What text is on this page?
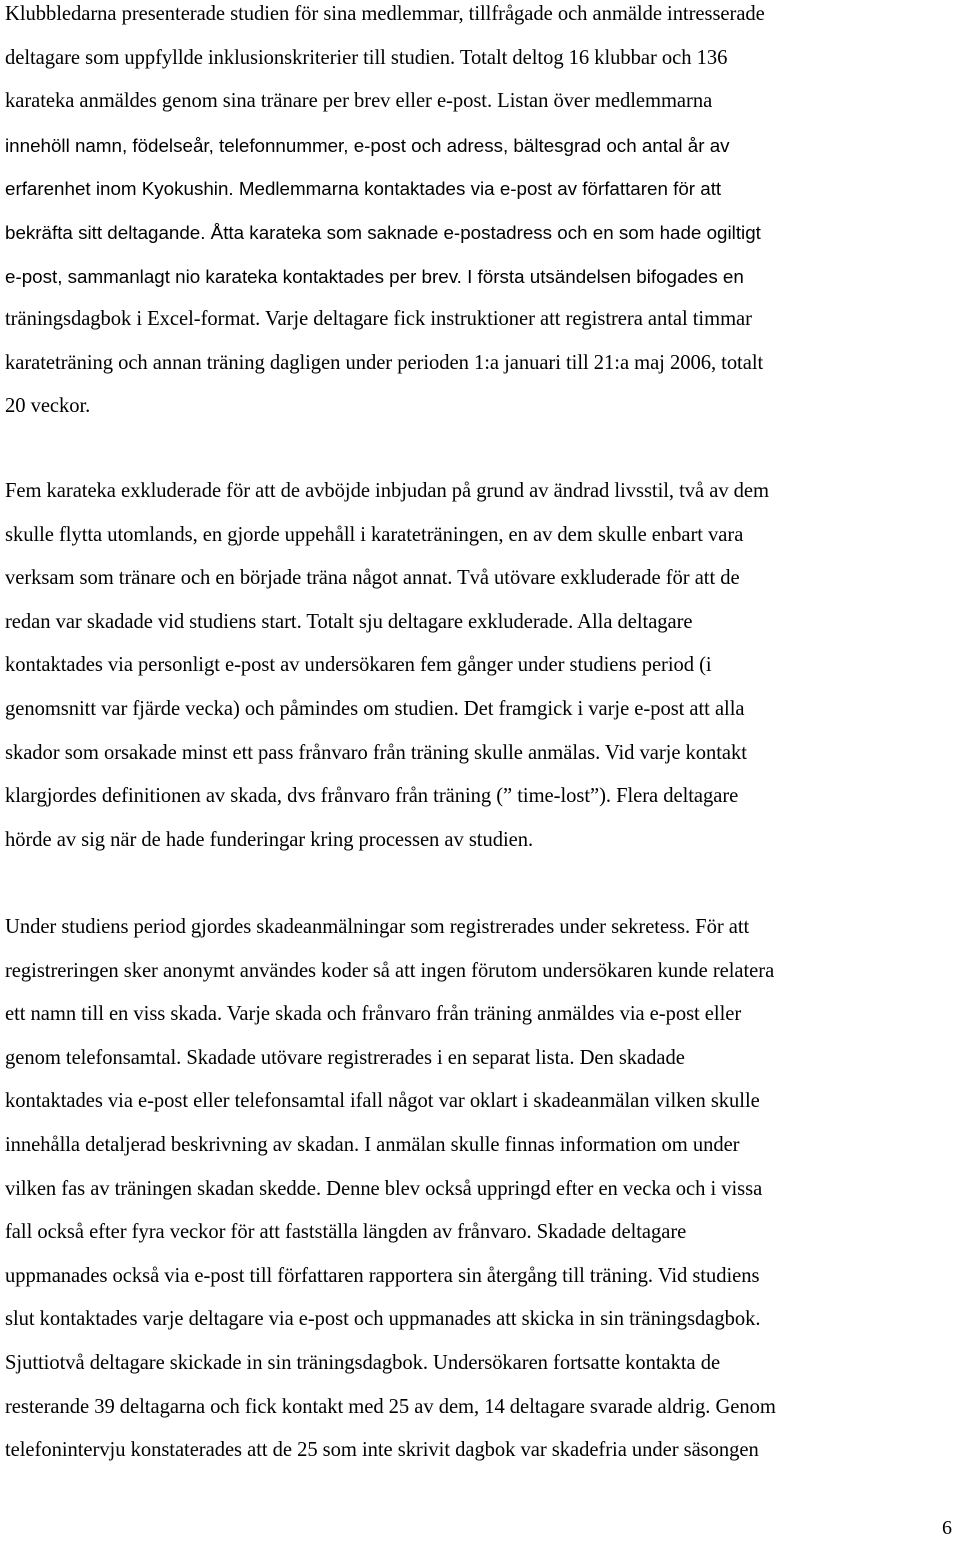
Klubbledarna presenterade studien för sina medlemmar, tillfrågade och anmälde intresserade
deltagare som uppfyllde inklusionskriterier till studien. Totalt deltog 16 klubbar och 136
karateka anmäldes genom sina tränare per brev eller e-post. Listan över medlemmarna
innehöll namn, födelseår, telefonnummer, e-post och adress, bältesgrad och antal år av
erfarenhet inom Kyokushin. Medlemmarna kontaktades via e-post av författaren för att
bekräfta sitt deltagande. Åtta karateka som saknade e-postadress och en som hade ogiltigt
e-post, sammanlagt nio karateka kontaktades per brev. I första utsändelsen bifogades en
träningsdagbok i Excel-format. Varje deltagare fick instruktioner att registrera antal timmar
karateträning och annan träning dagligen under perioden 1:a januari till 21:a maj 2006, totalt
20 veckor.
Fem karateka exkluderade för att de avböjde inbjudan på grund av ändrad livsstil, två av dem
skulle flytta utomlands, en gjorde uppehåll i karateträningen, en av dem skulle enbart vara
verksam som tränare och en började träna något annat. Två utövare exkluderade för att de
redan var skadade vid studiens start. Totalt sju deltagare exkluderade. Alla deltagare
kontaktades via personligt e-post av undersökaren fem gånger under studiens period (i
genomsnitt var fjärde vecka) och påmindes om studien. Det framgick i varje e-post att alla
skador som orsakade minst ett pass frånvaro från träning skulle anmälas. Vid varje kontakt
klargjordes definitionen av skada, dvs frånvaro från träning (” time-lost”). Flera deltagare
hörde av sig när de hade funderingar kring processen av studien.
Under studiens period gjordes skadeanmälningar som registrerades under sekretess. För att
registreringen sker anonymt användes koder så att ingen förutom undersökaren kunde relatera
ett namn till en viss skada. Varje skada och frånvaro från träning anmäldes via e-post eller
genom telefonsamtal. Skadade utövare registrerades i en separat lista. Den skadade
kontaktades via e-post eller telefonsamtal ifall något var oklart i skadeanmälan vilken skulle
innehålla detaljerad beskrivning av skadan. I anmälan skulle finnas information om under
vilken fas av träningen skadan skedde. Denne blev också uppringd efter en vecka och i vissa
fall också efter fyra veckor för att fastställa längden av frånvaro. Skadade deltagare
uppmanades också via e-post till författaren rapportera sin återgång till träning. Vid studiens
slut kontaktades varje deltagare via e-post och uppmanades att skicka in sin träningsdagbok.
Sjuttiotvå deltagare skickade in sin träningsdagbok. Undersökaren fortsatte kontakta de
resterande 39 deltagarna och fick kontakt med 25 av dem, 14 deltagare svarade aldrig. Genom
telefonintervju konstaterades att de 25 som inte skrivit dagbok var skadefria under säsongen
6
